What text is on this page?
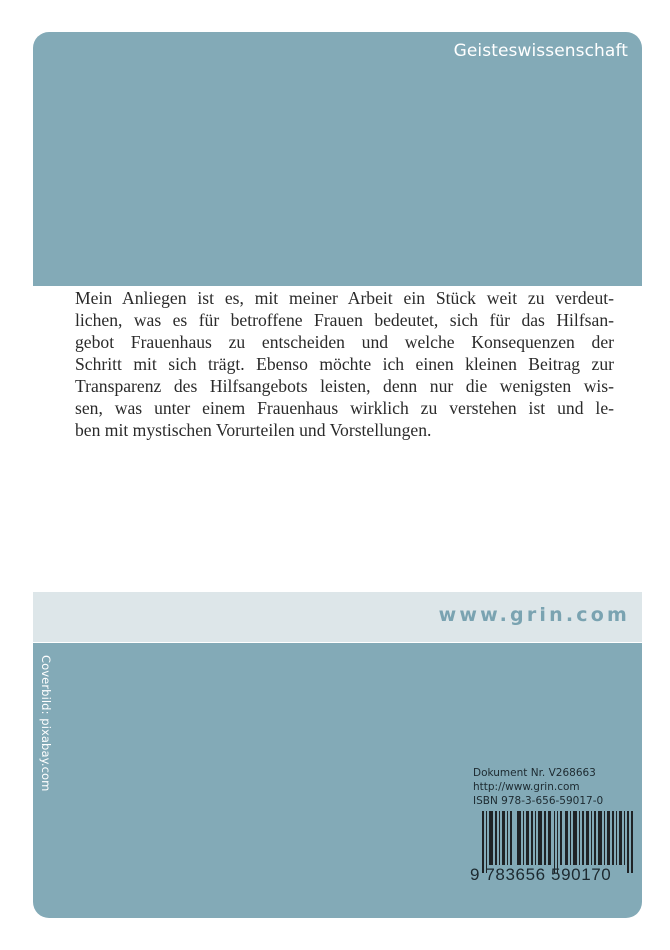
Geisteswissenschaft
Mein Anliegen ist es, mit meiner Arbeit ein Stück weit zu verdeut-
lichen, was es für betroffene Frauen bedeutet, sich für das Hilfsan-
gebot Frauenhaus zu entscheiden und welche Konsequenzen der
Schritt mit sich trägt. Ebenso möchte ich einen kleinen Beitrag zur
Transparenz des Hilfsangebots leisten, denn nur die wenigsten wis-
sen, was unter einem Frauenhaus wirklich zu verstehen ist und le-
ben mit mystischen Vorurteilen und Vorstellungen.
www.grin.com
Coverbild: pixabay.com	Dokument Nr. V268663
http://www.grin.com
ISBN 978-3-656-59017-0
9 783656 590170
